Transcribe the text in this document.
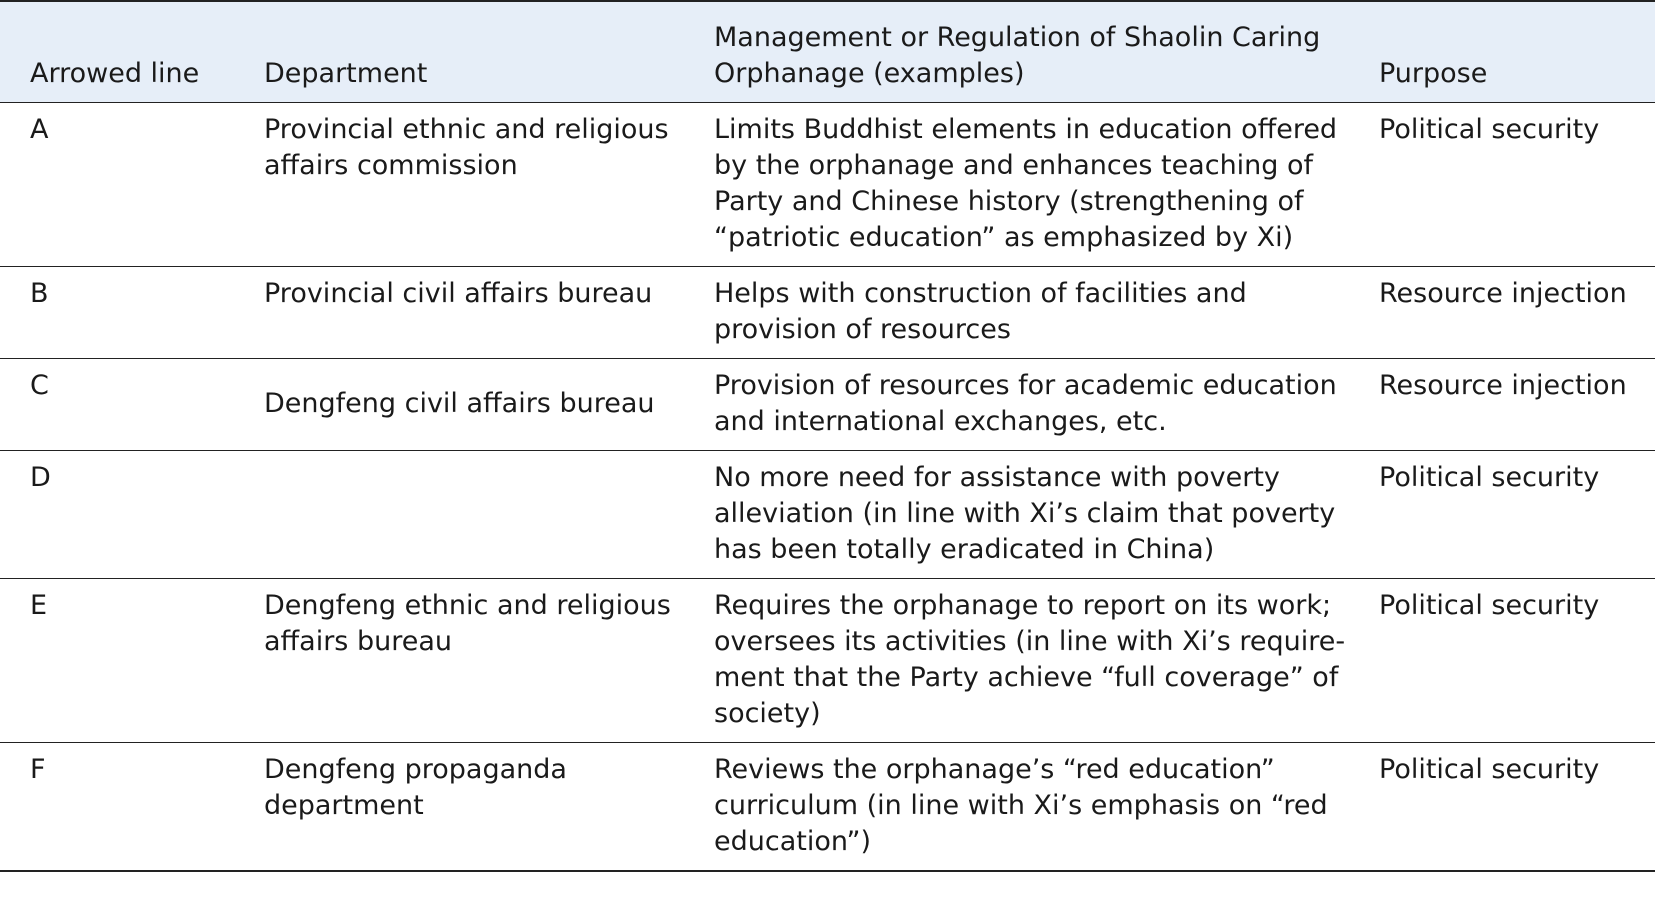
Arrowed line	Department	Management or Regulation of Shaolin Caring Orphanage (examples)	Purpose
A	Provincial ethnic and religious affairs commission	Limits Buddhist elements in education offered by the orphanage and enhances teaching of Party and Chinese history (strengthening of “patriotic education” as emphasized by Xi)	Political security
B	Provincial civil affairs bureau	Helps with construction of facilities and provision of resources	Resource injection
C	Dengfeng civil affairs bureau	Provision of resources for academic education and international exchanges, etc.	Resource injection
D		No more need for assistance with poverty alleviation (in line with Xi’s claim that poverty has been totally eradicated in China)	Political security
E	Dengfeng ethnic and religious affairs bureau	Requires the orphanage to report on its work; oversees its activities (in line with Xi’s requirement that the Party achieve “full coverage” of society)	Political security
F	Dengfeng propaganda department	Reviews the orphanage’s “red education” curriculum (in line with Xi’s emphasis on “red education”)	Political security
